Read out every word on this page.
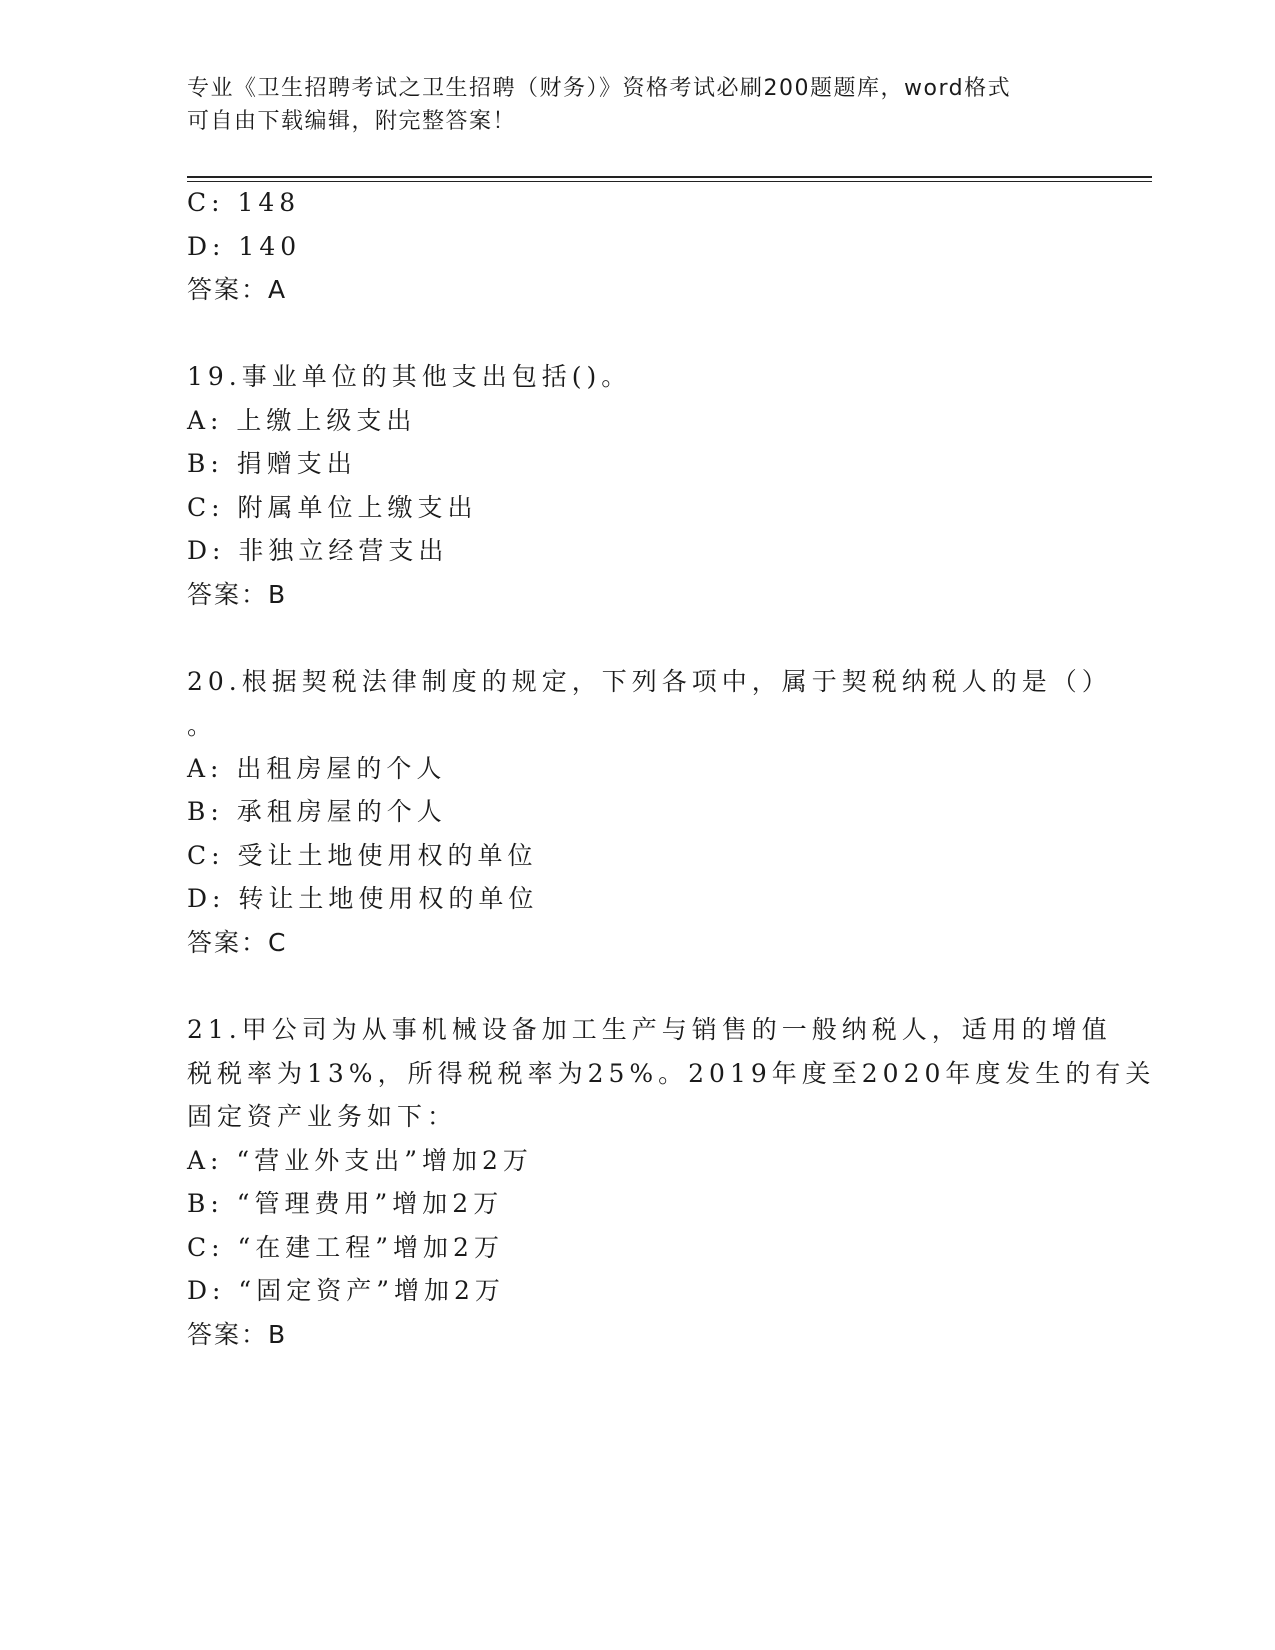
专业《卫生招聘考试之卫生招聘（财务）》资格考试必刷200题题库，word格式
可自由下载编辑，附完整答案！
C: 148
D: 140
答案：A
19.事业单位的其他支出包括()。
A: 上缴上级支出
B: 捐赠支出
C: 附属单位上缴支出
D: 非独立经营支出
答案：B
20.根据契税法律制度的规定，下列各项中，属于契税纳税人的是（）
。
A: 出租房屋的个人
B: 承租房屋的个人
C: 受让土地使用权的单位
D: 转让土地使用权的单位
答案：C
21.甲公司为从事机械设备加工生产与销售的一般纳税人，适用的增值
税税率为13%，所得税税率为25%。2019年度至2020年度发生的有关
固定资产业务如下：
A: “营业外支出”增加2万
B: “管理费用”增加2万
C: “在建工程”增加2万
D: “固定资产”增加2万
答案：B
